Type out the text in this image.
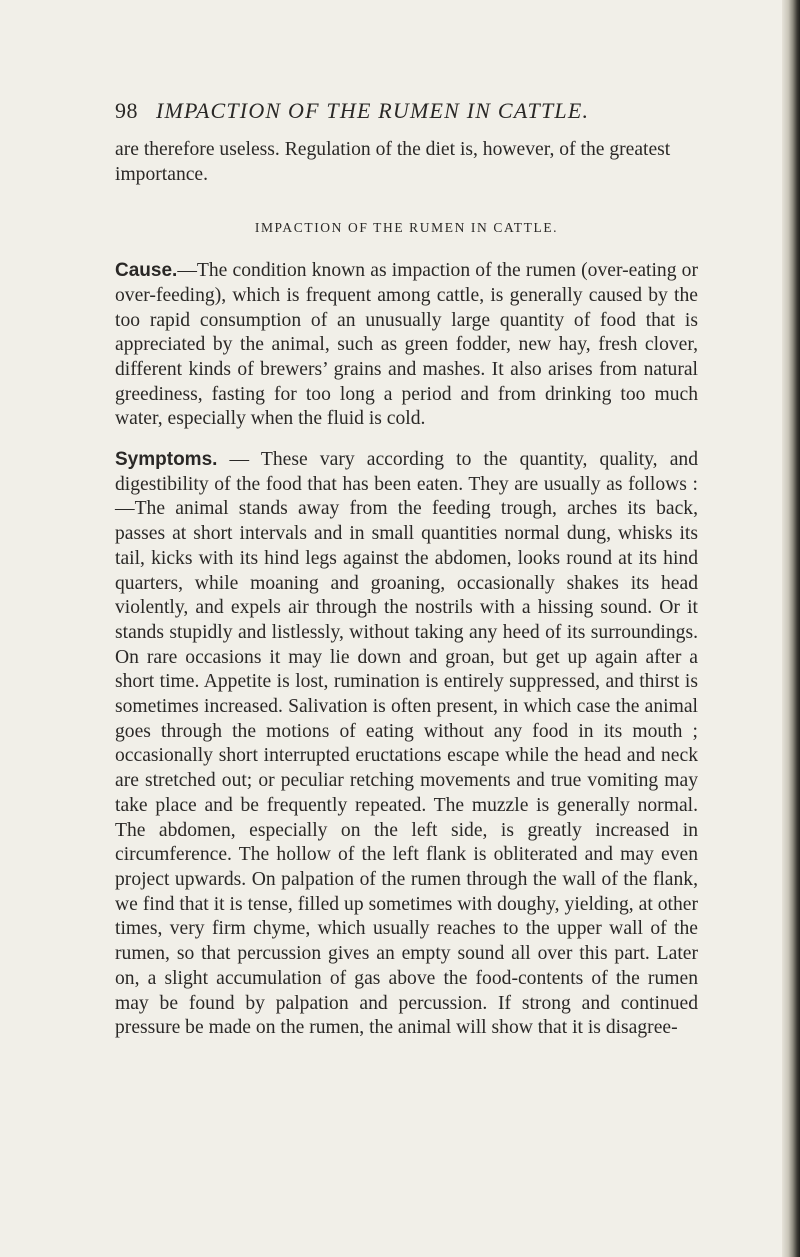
98 IMPACTION OF THE RUMEN IN CATTLE.

are therefore useless. Regulation of the diet is, however, of the greatest importance.

IMPACTION OF THE RUMEN IN CATTLE.

Cause.—The condition known as impaction of the rumen (over-eating or over-feeding), which is frequent among cattle, is generally caused by the too rapid consumption of an unusually large quantity of food that is appreciated by the animal, such as green fodder, new hay, fresh clover, different kinds of brewers’ grains and mashes. It also arises from natural greediness, fasting for too long a period and from drinking too much water, especially when the fluid is cold.

Symptoms. — These vary according to the quantity, quality, and digestibility of the food that has been eaten. They are usually as follows :—The animal stands away from the feeding trough, arches its back, passes at short intervals and in small quantities normal dung, whisks its tail, kicks with its hind legs against the abdomen, looks round at its hind quarters, while moaning and groaning, occasionally shakes its head violently, and expels air through the nostrils with a hissing sound. Or it stands stupidly and listlessly, without taking any heed of its surroundings. On rare occasions it may lie down and groan, but get up again after a short time. Appetite is lost, rumination is entirely suppressed, and thirst is sometimes increased. Salivation is often present, in which case the animal goes through the motions of eating without any food in its mouth ; occasionally short interrupted eructations escape while the head and neck are stretched out; or peculiar retching movements and true vomiting may take place and be frequently repeated. The muzzle is generally normal. The abdomen, especially on the left side, is greatly increased in circumference. The hollow of the left flank is obliterated and may even project upwards. On palpation of the rumen through the wall of the flank, we find that it is tense, filled up sometimes with doughy, yielding, at other times, very firm chyme, which usually reaches to the upper wall of the rumen, so that percussion gives an empty sound all over this part. Later on, a slight accumulation of gas above the food-contents of the rumen may be found by palpation and percussion. If strong and continued pressure be made on the rumen, the animal will show that it is disagree-
